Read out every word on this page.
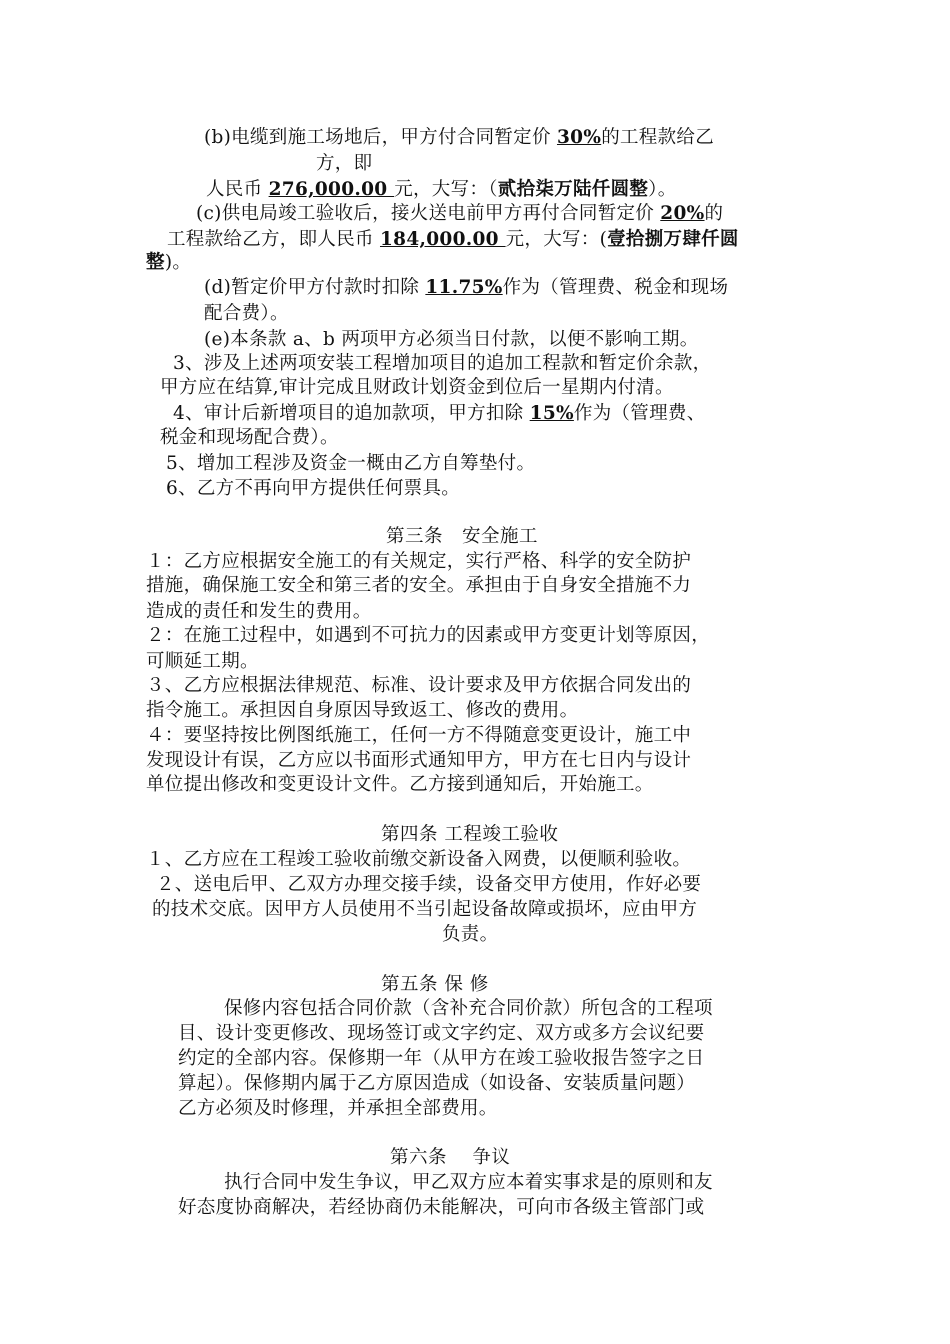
(b)电缆到施工场地后，甲方付合同暂定价 30%的工程款给乙
方，即
人民币 276,000.00 元，大写：（贰拾柒万陆仟圆整）。
(c)供电局竣工验收后，接火送电前甲方再付合同暂定价 20%的
工程款给乙方，即人民币 184,000.00 元，大写：(壹拾捌万肆仟圆
整)。
(d)暂定价甲方付款时扣除 11.75%作为（管理费、税金和现场
配合费）。
(e)本条款 a、b 两项甲方必须当日付款，以便不影响工期。
3、涉及上述两项安装工程增加项目的追加工程款和暂定价余款，
甲方应在结算,审计完成且财政计划资金到位后一星期内付清。
4、审计后新增项目的追加款项，甲方扣除 15%作为（管理费、
税金和现场配合费）。
5、增加工程涉及资金一概由乙方自筹垫付。
6、乙方不再向甲方提供任何票具。
第三条　安全施工
１：乙方应根据安全施工的有关规定，实行严格、科学的安全防护
措施，确保施工安全和第三者的安全。承担由于自身安全措施不力
造成的责任和发生的费用。
２：在施工过程中，如遇到不可抗力的因素或甲方变更计划等原因，
可顺延工期。
３、乙方应根据法律规范、标准、设计要求及甲方依据合同发出的
指令施工。承担因自身原因导致返工、修改的费用。
４：要坚持按比例图纸施工，任何一方不得随意变更设计，施工中
发现设计有误，乙方应以书面形式通知甲方，甲方在七日内与设计
单位提出修改和变更设计文件。乙方接到通知后，开始施工。
第四条 工程竣工验收
１、乙方应在工程竣工验收前缴交新设备入网费，以便顺利验收。
２、送电后甲、乙双方办理交接手续，设备交甲方使用，作好必要
的技术交底。因甲方人员使用不当引起设备故障或损坏，应由甲方
负责。
第五条 保 修
保修内容包括合同价款（含补充合同价款）所包含的工程项
目、设计变更修改、现场签订或文字约定、双方或多方会议纪要
约定的全部内容。保修期一年（从甲方在竣工验收报告签字之日
算起）。保修期内属于乙方原因造成（如设备、安装质量问题）
乙方必须及时修理，并承担全部费用。
第六条　 争议
执行合同中发生争议，甲乙双方应本着实事求是的原则和友
好态度协商解决，若经协商仍未能解决，可向市各级主管部门或
